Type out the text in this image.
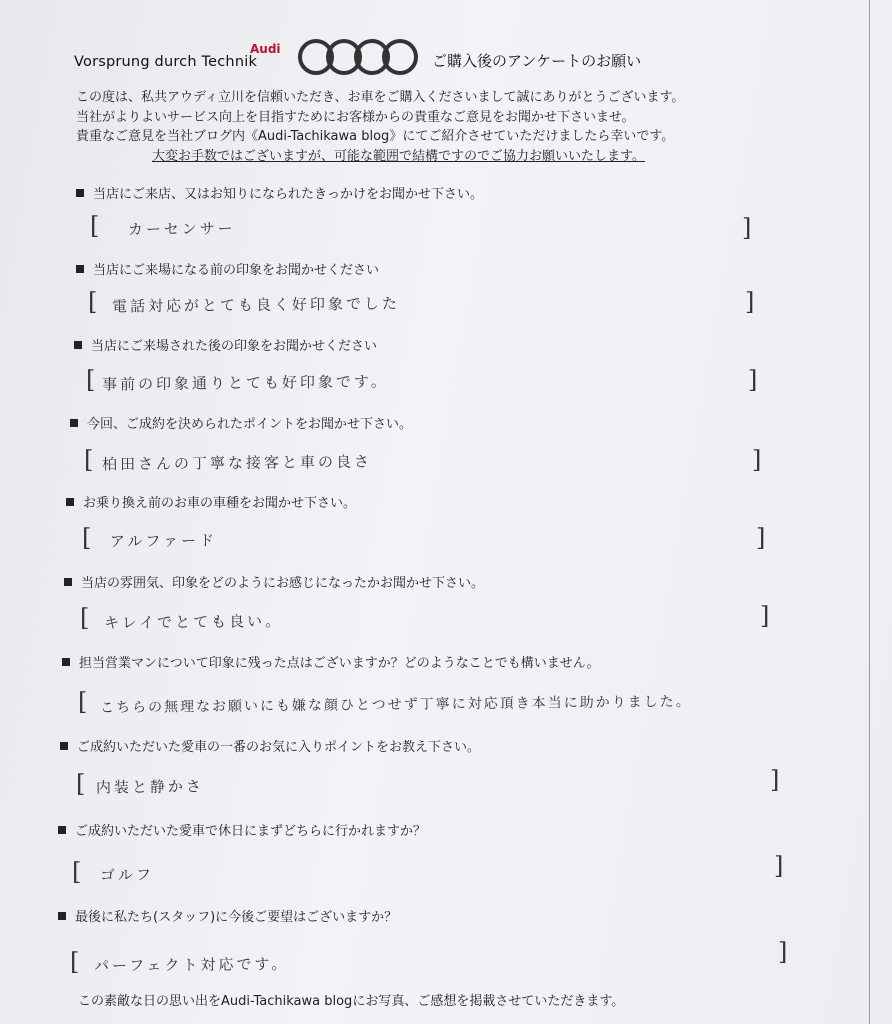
Vorsprung durch Technik
Audi
ご購入後のアンケートのお願い

この度は、私共アウディ立川を信頼いただき、お車をご購入くださいまして誠にありがとうございます。

当社がよりよいサービス向上を目指すためにお客様からの貴重なご意見をお聞かせ下さいませ。

貴重なご意見を当社ブログ内《Audi-Tachikawa blog》にてご紹介させていただけましたら幸いです。

大変お手数ではございますが、可能な範囲で結構ですのでご協力お願いいたします。

当店にご来店、又はお知りになられたきっかけをお聞かせ下さい。
[ カーセンサー	]
当店にご来場になる前の印象をお聞かせください
[ 電話対応がとても良く好印象でした	]
当店にご来場された後の印象をお聞かせください
[ 事前の印象通りとても好印象です。	]
今回、ご成約を決められたポイントをお聞かせ下さい。
[ 柏田さんの丁寧な接客と車の良さ	]
お乗り換え前のお車の車種をお聞かせ下さい。
[ アルファード	]
当店の雰囲気、印象をどのようにお感じになったかお聞かせ下さい。
[ キレイでとても良い。	]
担当営業マンについて印象に残った点はございますか？どのようなことでも構いません。
[ こちらの無理なお願いにも嫌な顔ひとつせず丁寧に対応頂き本当に助かりました。
ご成約いただいた愛車の一番のお気に入りポイントをお教え下さい。
[ 内装と静かさ	]
ご成約いただいた愛車で休日にまずどちらに行かれますか？
[ ゴルフ	]
最後に私たち(スタッフ)に今後ご要望はございますか？
[ パーフェクト対応です。	]
この素敵な日の思い出をAudi-Tachikawa blogにお写真、ご感想を掲載させていただきます。
